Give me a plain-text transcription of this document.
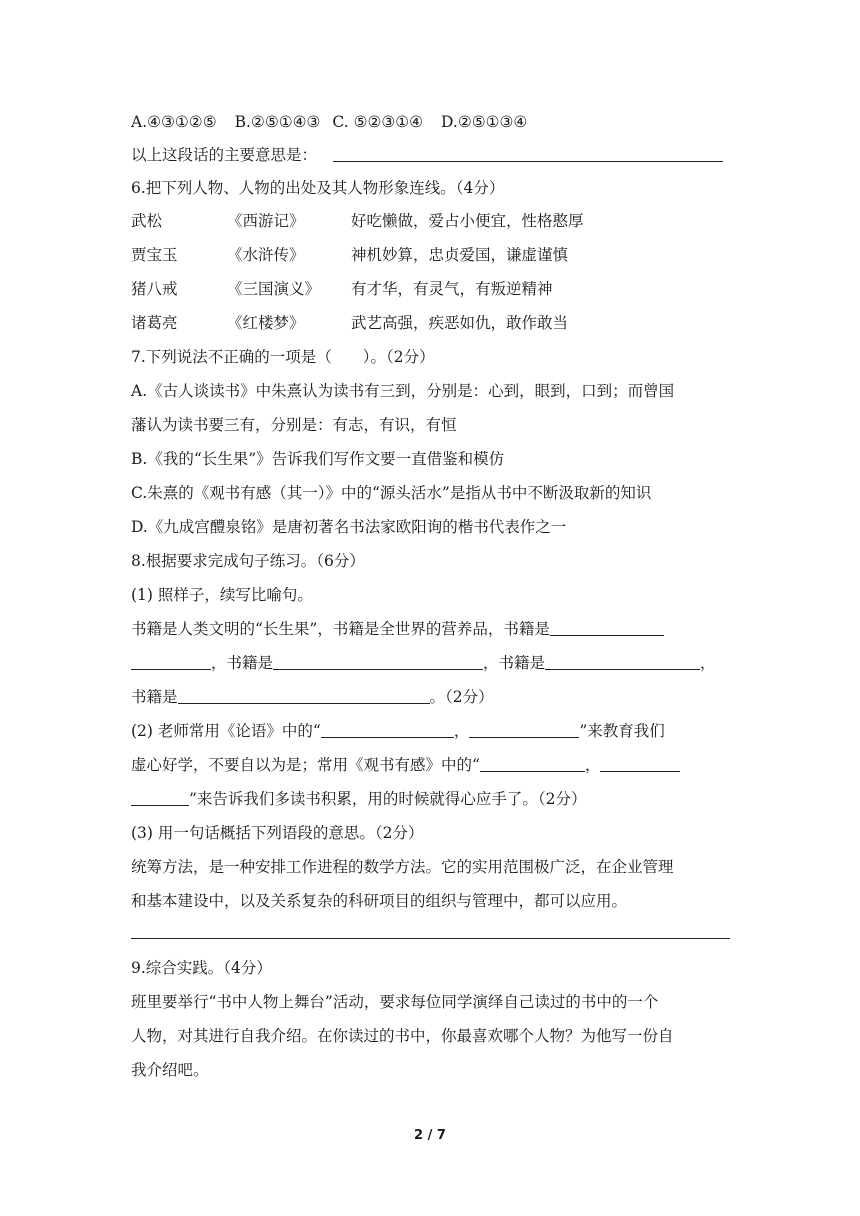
A.④③①②⑤ B.②⑤①④③ C. ⑤②③①④ D.②⑤①③④
以上这段话的主要意思是：
6.把下列人物、人物的出处及其人物形象连线。（4分）
武松	《西游记》	好吃懒做，爱占小便宜，性格憨厚
贾宝玉	《水浒传》	神机妙算，忠贞爱国，谦虚谨慎
猪八戒	《三国演义》 有才华，有灵气，有叛逆精神
诸葛亮	《红楼梦》	武艺高强，疾恶如仇，敢作敢当
7.下列说法不正确的一项是（　　）。（2分）
A.《古人谈读书》中朱熹认为读书有三到，分别是：心到，眼到，口到；而曾国
藩认为读书要三有，分别是：有志，有识，有恒
B.《我的“长生果”》告诉我们写作文要一直借鉴和模仿
C.朱熹的《观书有感（其一）》中的“源头活水”是指从书中不断汲取新的知识
D.《九成宫醴泉铭》是唐初著名书法家欧阳询的楷书代表作之一
8.根据要求完成句子练习。（6分）
(1) 照样子，续写比喻句。
书籍是人类文明的“长生果”，书籍是全世界的营养品，书籍是
，书籍是	，书籍是	，
书籍是	。（2分）
(2) 老师常用《论语》中的“	，	”来教育我们
虚心好学，不要自以为是；常用《观书有感》中的“	，
”来告诉我们多读书积累，用的时候就得心应手了。（2分）
(3) 用一句话概括下列语段的意思。（2分）
统筹方法，是一种安排工作进程的数学方法。它的实用范围极广泛，在企业管理
和基本建设中，以及关系复杂的科研项目的组织与管理中，都可以应用。
9.综合实践。（4分）
班里要举行“书中人物上舞台”活动，要求每位同学演绎自己读过的书中的一个
人物，对其进行自我介绍。在你读过的书中，你最喜欢哪个人物？为他写一份自
我介绍吧。
2 / 7
